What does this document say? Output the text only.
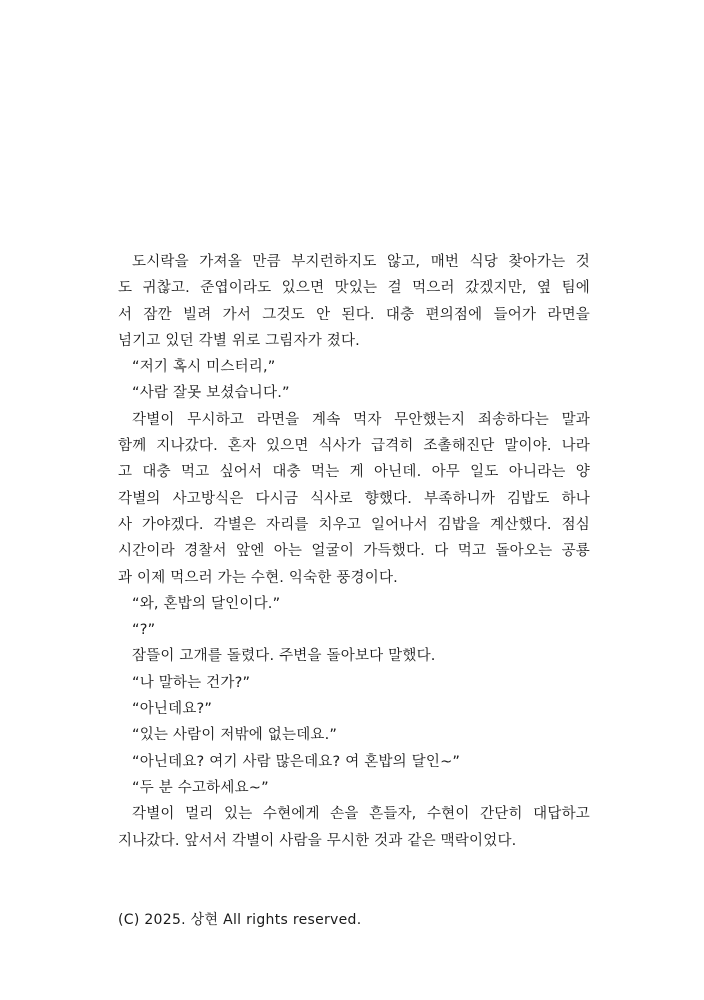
도시락을 가져올 만큼 부지런하지도 않고, 매번 식당 찾아가는 것
도 귀찮고. 준엽이라도 있으면 맛있는 걸 먹으러 갔겠지만, 옆 팀에
서 잠깐 빌려 가서 그것도 안 된다. 대충 편의점에 들어가 라면을
넘기고 있던 각별 위로 그림자가 졌다.
“저기 혹시 미스터리,”
“사람 잘못 보셨습니다.”
각별이 무시하고 라면을 계속 먹자 무안했는지 죄송하다는 말과
함께 지나갔다. 혼자 있으면 식사가 급격히 조촐해진단 말이야. 나라
고 대충 먹고 싶어서 대충 먹는 게 아닌데. 아무 일도 아니라는 양
각별의 사고방식은 다시금 식사로 향했다. 부족하니까 김밥도 하나
사 가야겠다. 각별은 자리를 치우고 일어나서 김밥을 계산했다. 점심
시간이라 경찰서 앞엔 아는 얼굴이 가득했다. 다 먹고 돌아오는 공룡
과 이제 먹으러 가는 수현. 익숙한 풍경이다.
“와, 혼밥의 달인이다.”
“?”
잠뜰이 고개를 돌렸다. 주변을 돌아보다 말했다.
“나 말하는 건가?”
“아닌데요?”
“있는 사람이 저밖에 없는데요.”
“아닌데요? 여기 사람 많은데요? 여 혼밥의 달인~”
“두 분 수고하세요~”
각별이 멀리 있는 수현에게 손을 흔들자, 수현이 간단히 대답하고
지나갔다. 앞서서 각별이 사람을 무시한 것과 같은 맥락이었다.
(C) 2025. 상현 All rights reserved.
